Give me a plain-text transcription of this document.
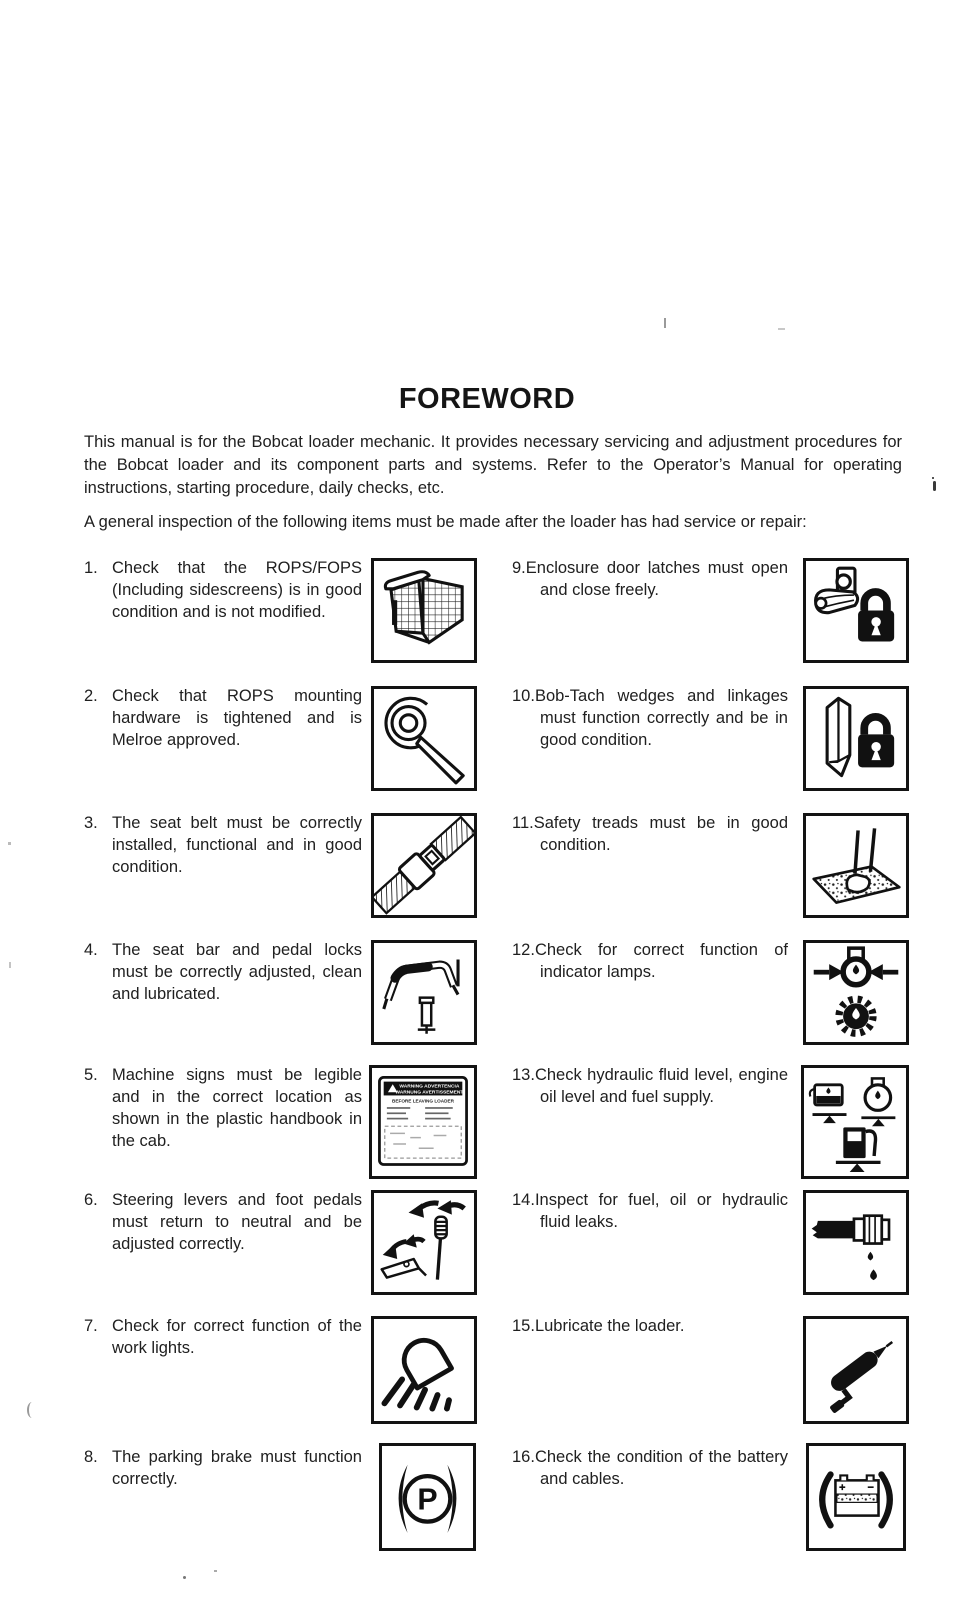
FOREWORD
This manual is for the Bobcat loader mechanic. It provides necessary servicing and adjustment procedures for the Bobcat loader and its component parts and systems. Refer to the Operator’s Manual for operating instructions, starting procedure, daily checks, etc.
A general inspection of the following items must be made after the loader has had service or repair:
1. Check that the ROPS/FOPS (Including sidescreens) is in good condition and is not modified.
2. Check that ROPS mounting hardware is tightened and is Melroe approved.
3. The seat belt must be correctly installed, functional and in good condition.
4. The seat bar and pedal locks must be correctly adjusted, clean and lubricated.
5. Machine signs must be legible and in the correct location as shown in the plastic handbook in the cab.
6. Steering levers and foot pedals must return to neutral and be adjusted correctly.
7. Check for correct function of the work lights.
8. The parking brake must function correctly.
9.Enclosure door latches must open and close freely.
10.Bob-Tach wedges and linkages must function correctly and be in good condition.
11.Safety treads must be in good condition.
12.Check for correct function of indicator lamps.
13.Check hydraulic fluid level, engine oil level and fuel supply.
14.Inspect for fuel, oil or hydraulic fluid leaks.
15.Lubricate the loader.
16.Check the condition of the battery and cables.
WARNING ADVERTENCIA
WARNUNG AVERTISSEMENT
BEFORE LEAVING LOADER
P
